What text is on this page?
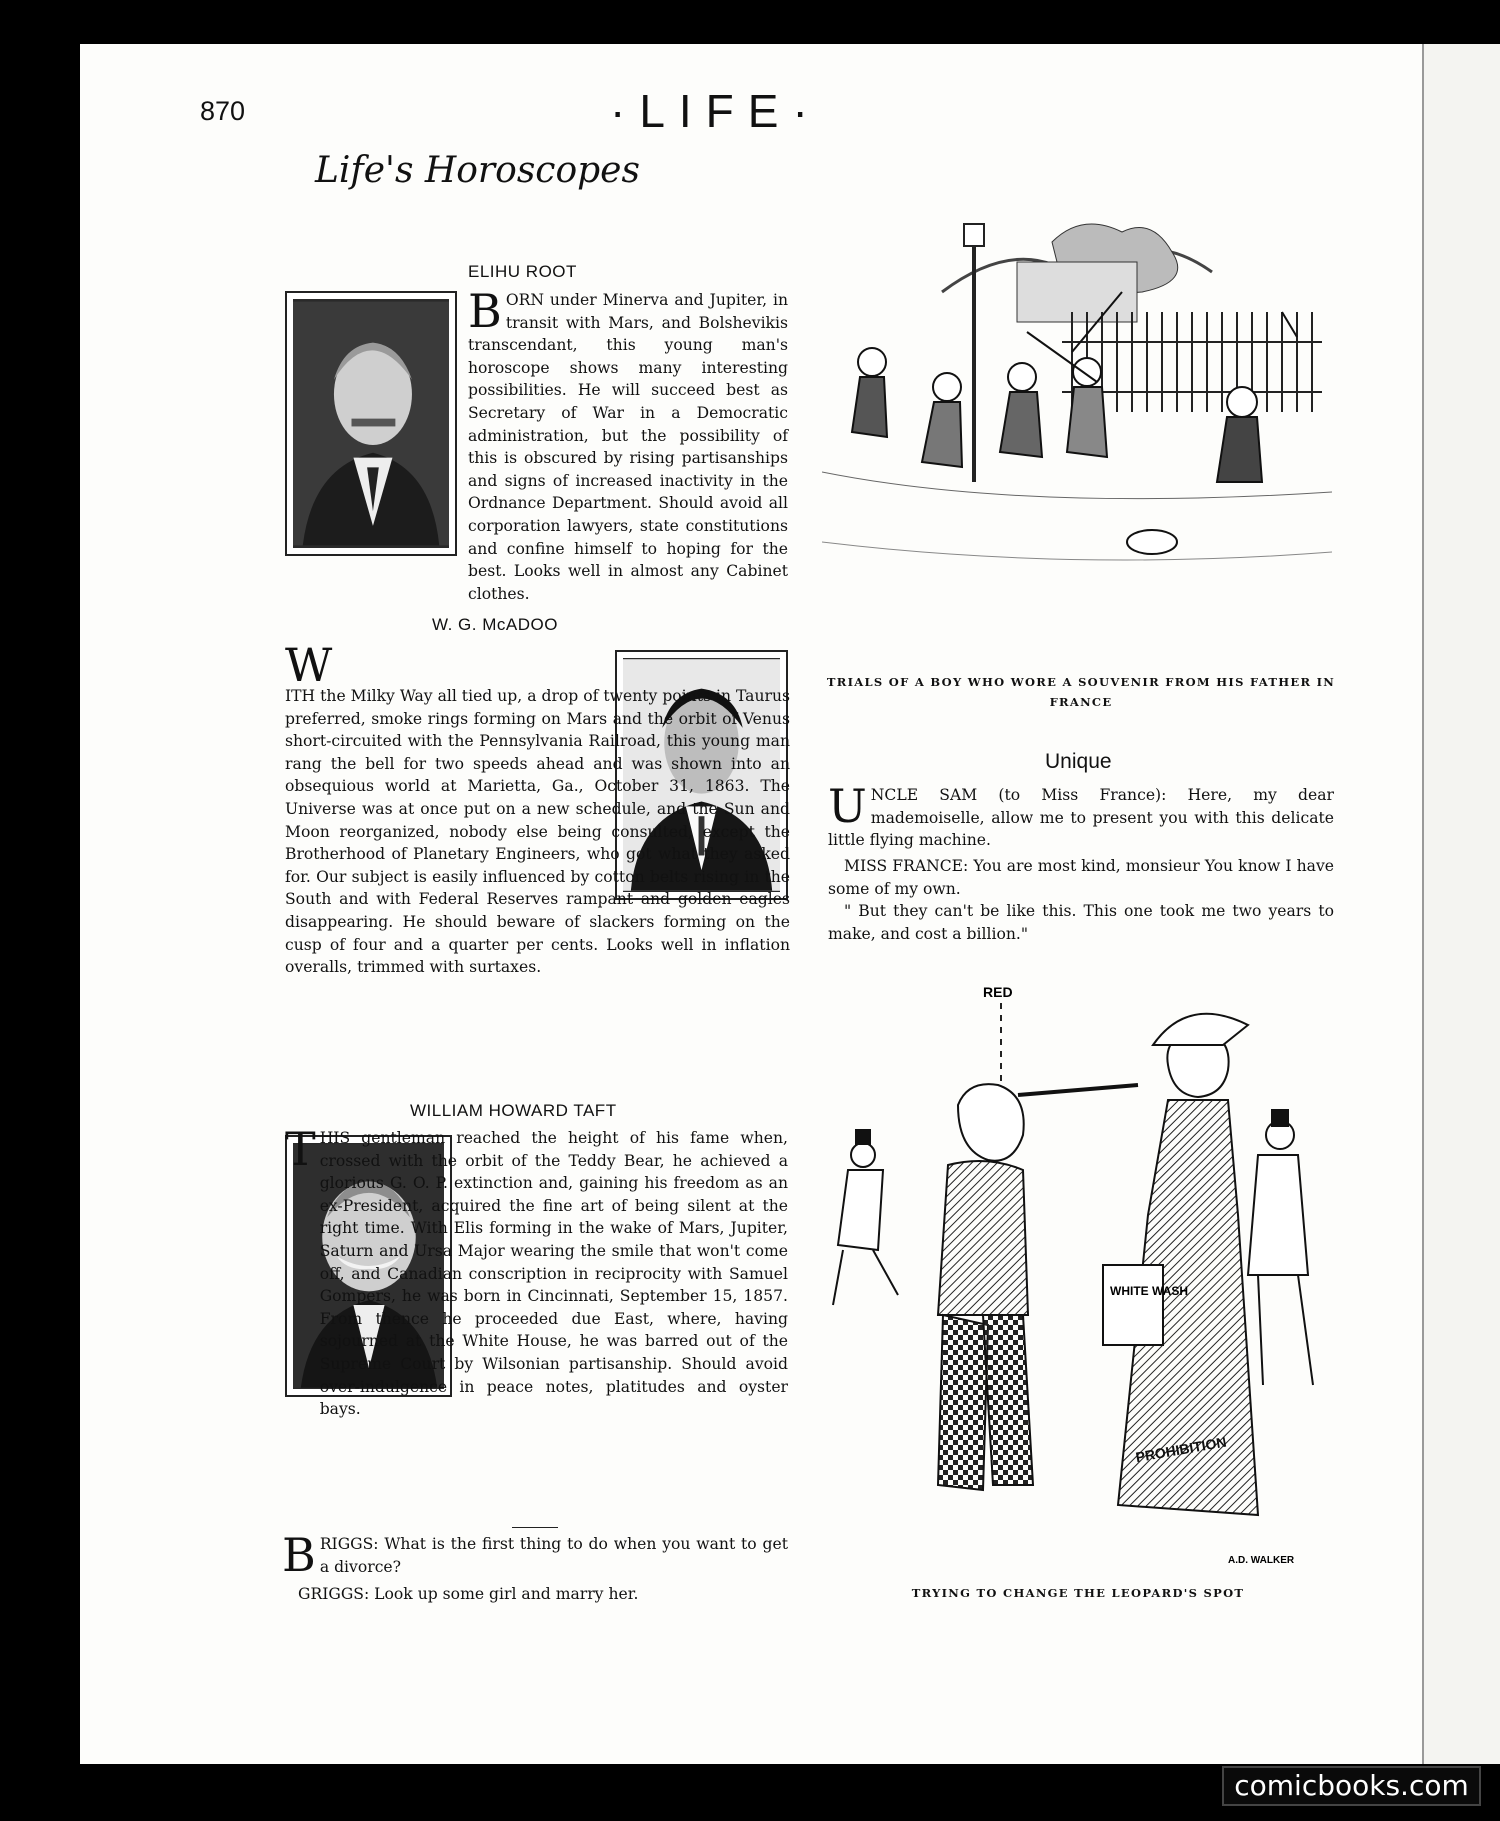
870	·LIFE·
Life's Horoscopes
ELIHU ROOT
BORN under Minerva and Jupiter, in transit with Mars, and Bolshevikis transcendant, this young man's horoscope shows many interesting possibilities. He will succeed best as Secretary of War in a Democratic administration, but the possibility of this is obscured by rising partisanships and signs of increased inactivity in the Ordnance Department. Should avoid all corporation lawyers, state constitutions and confine himself to hoping for the best. Looks well in almost any Cabinet clothes.
W. G. McADOO
W
ITH the Milky Way all tied up, a drop of twenty points in Taurus preferred, smoke rings forming on Mars and the orbit of Venus short-circuited with the Pennsylvania Railroad, this young man rang the bell for two speeds ahead and was shown into an obsequious world at Marietta, Ga., October 31, 1863. The Universe was at once put on a new schedule, and the Sun and Moon reorganized, nobody else being consulted, except the Brotherhood of Planetary Engineers, who got what they asked for. Our subject is easily influenced by cotton belts rising in the South and with Federal Reserves rampant and golden eagles disappearing. He should beware of slackers forming on the cusp of four and a quarter per cents. Looks well in inflation overalls, trimmed with surtaxes.
WILLIAM HOWARD TAFT
T HIS gentleman reached the height of his fame when, crossed with the orbit of the Teddy Bear, he achieved a glorious G. O. P. extinction and, gaining his freedom as an ex-President, acquired the fine art of being silent at the right time. With Elis forming in the wake of Mars, Jupiter, Saturn and Ursa Major wearing the smile that won't come off, and Canadian conscription in reciprocity with Samuel Gompers, he was born in Cincinnati, September 15, 1857. From thence he proceeded due East, where, having sojourned at the White House, he was barred out of the Supreme Court by Wilsonian partisanship. Should avoid over-indulgence in peace notes, platitudes and oyster bays.
BRIGGS: What is the first thing to do when you want to get a divorce?
GRIGGS: Look up some girl and marry her.
TRIALS OF A BOY WHO WORE A SOUVENIR FROM HIS FATHER IN FRANCE
Unique
UNCLE SAM (to Miss France): Here, my dear mademoiselle, allow me to present you with this delicate little flying machine.
MISS FRANCE: You are most kind, monsieur You know I have some of my own.
" But they can't be like this. This one took me two years to make, and cost a billion."
RED
WHITE WASH
PROHIBITION
A.D. WALKER
TRYING TO CHANGE THE LEOPARD'S SPOT
comicbooks.com
